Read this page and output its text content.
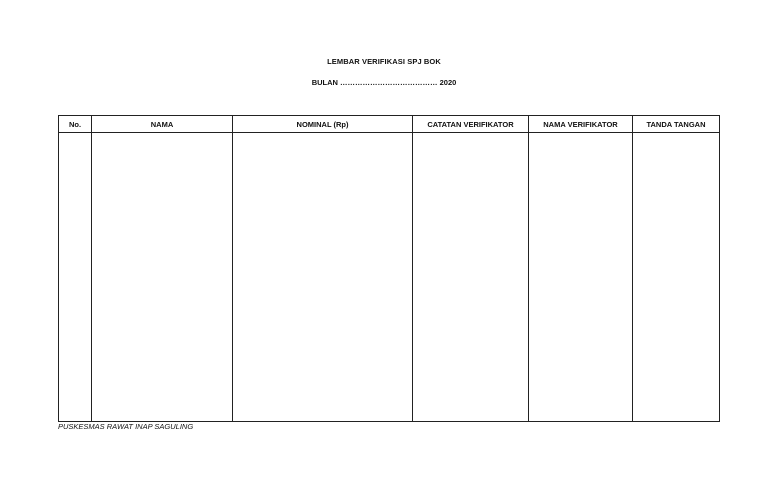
LEMBAR VERIFIKASI SPJ BOK
BULAN ………………………………… 2020
No.	NAMA	NOMINAL (Rp)	CATATAN VERIFIKATOR	NAMA VERIFIKATOR	TANDA TANGAN

PUSKESMAS RAWAT INAP SAGULING
